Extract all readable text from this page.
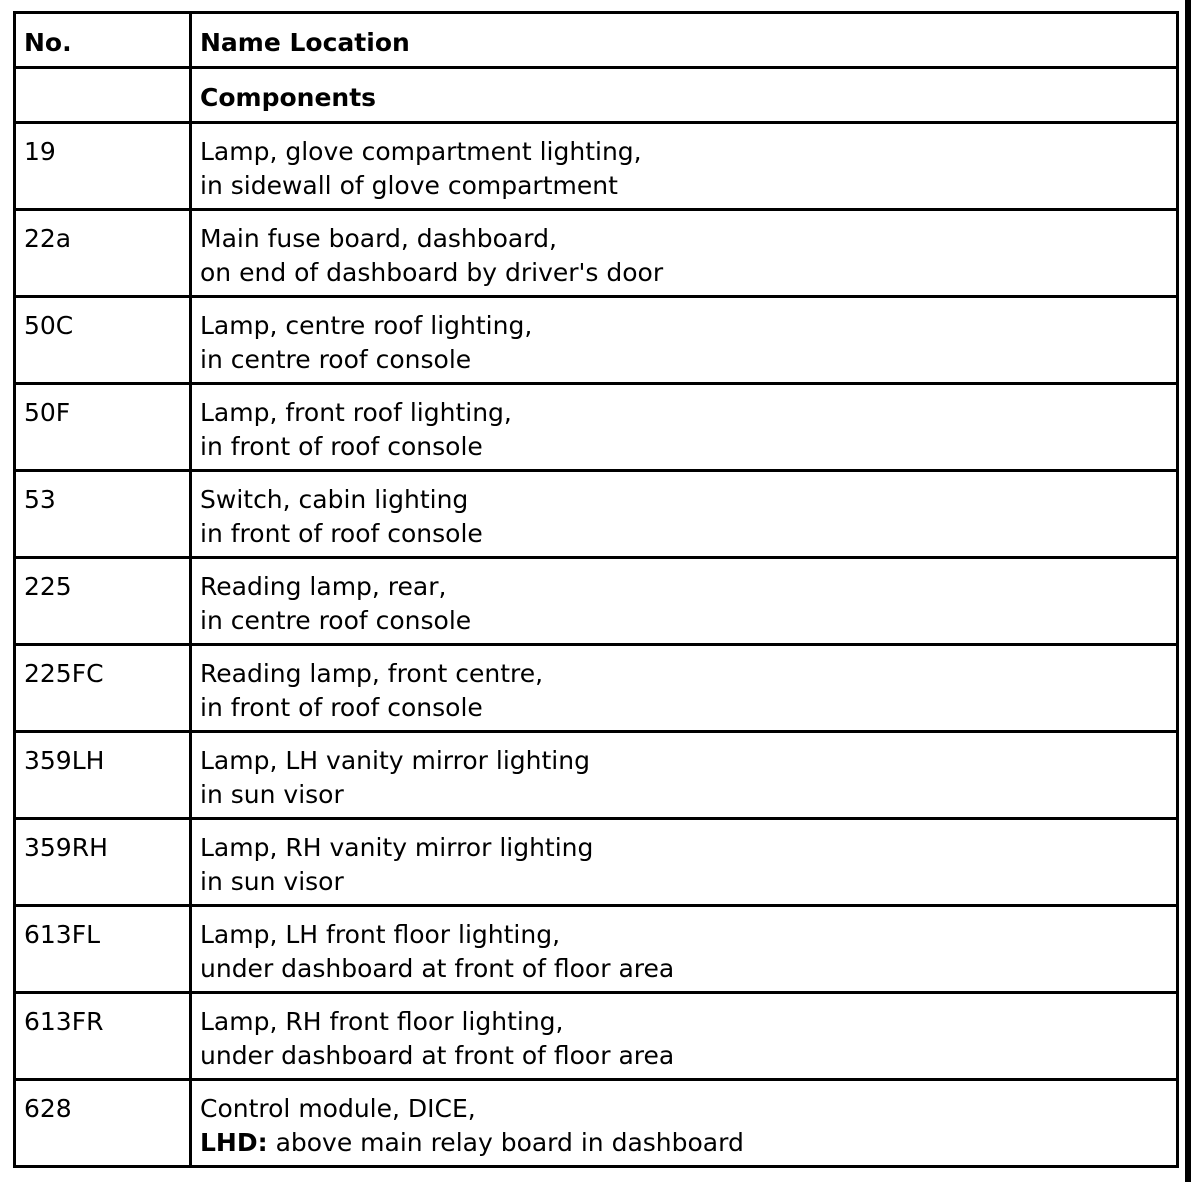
No.	Name Location
	Components
19	Lamp, glove compartment lighting,
in sidewall of glove compartment

22a	Main fuse board, dashboard,
on end of dashboard by driver's door

50C	Lamp, centre roof lighting,
in centre roof console

50F	Lamp, front roof lighting,
in front of roof console

53	Switch, cabin lighting
in front of roof console

225	Reading lamp, rear,
in centre roof console

225FC	Reading lamp, front centre,
in front of roof console

359LH	Lamp, LH vanity mirror lighting
in sun visor

359RH	Lamp, RH vanity mirror lighting
in sun visor

613FL	Lamp, LH front floor lighting,
under dashboard at front of floor area

613FR	Lamp, RH front floor lighting,
under dashboard at front of floor area

628	Control module, DICE,
LHD: above main relay board in dashboard
